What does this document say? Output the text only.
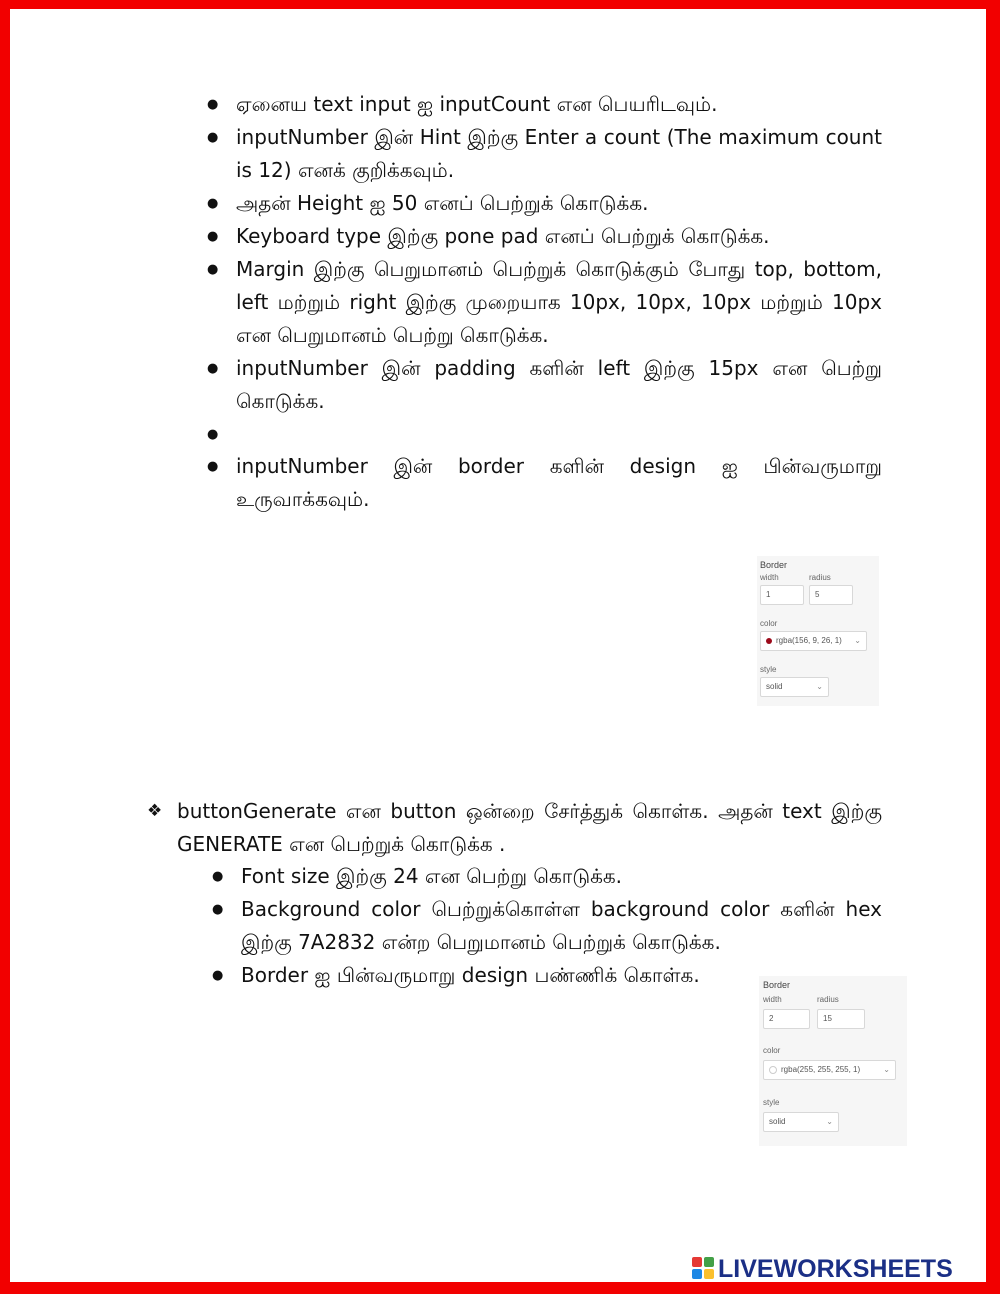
● ஏனைய text input ஐ inputCount என பெயரிடவும்.
● inputNumber இன் Hint இற்கு Enter a count (The maximum count is 12) எனக் குறிக்கவும்.
● அதன் Height ஐ 50 எனப் பெற்றுக் கொடுக்க.
● Keyboard type இற்கு pone pad எனப் பெற்றுக் கொடுக்க.
● Margin இற்கு பெறுமானம் பெற்றுக் கொடுக்கும் போது top, bottom, left மற்றும் right இற்கு முறையாக 10px, 10px, 10px மற்றும் 10px என பெறுமானம் பெற்று கொடுக்க.
● inputNumber இன் padding களின் left இற்கு 15px என பெற்று கொடுக்க.
●
● inputNumber இன் border களின் design ஐ பின்வருமாறு உருவாக்கவும்.
Border
width	radius
1	5
color
rgba(156, 9, 26, 1) ⌄
style
solid	⌄

❖ buttonGenerate என button ஒன்றை சேர்த்துக் கொள்க. அதன் text இற்கு GENERATE என பெற்றுக் கொடுக்க .

● Font size இற்கு 24 என பெற்று கொடுக்க.
● Background color பெற்றுக்கொள்ள background color களின் hex இற்கு 7A2832 என்ற பெறுமானம் பெற்றுக் கொடுக்க.
● Border ஐ பின்வருமாறு design பண்ணிக் கொள்க.	Border
width	radius
2	15
color
rgba(255, 255, 255, 1)	⌄
style
solid	⌄
LIVEWORKSHEETS
